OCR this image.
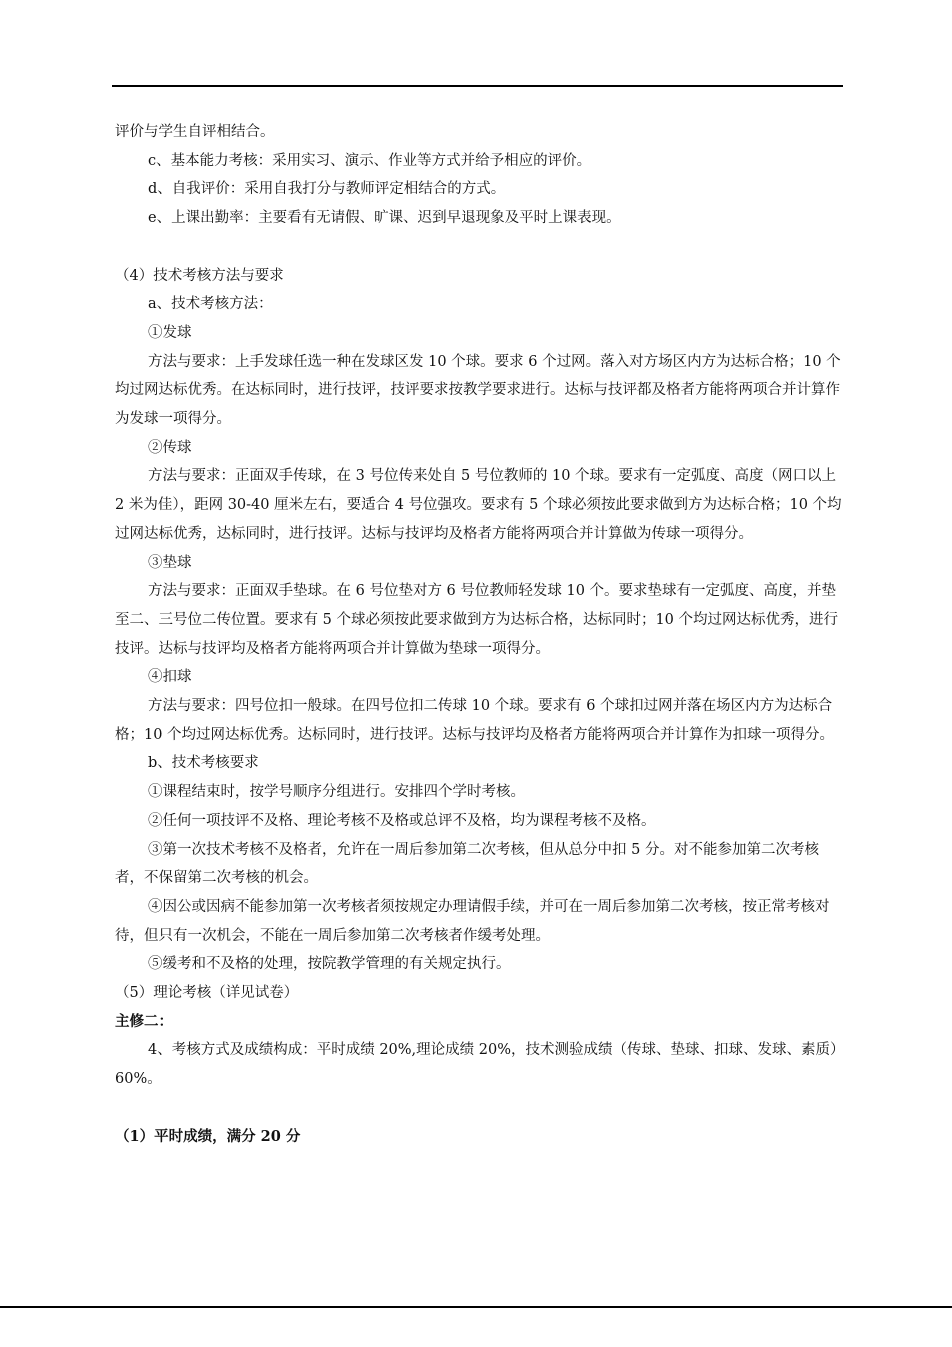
评价与学生自评相结合。

c、基本能力考核：采用实习、演示、作业等方式并给予相应的评价。

d、自我评价：采用自我打分与教师评定相结合的方式。

e、上课出勤率：主要看有无请假、旷课、迟到早退现象及平时上课表现。

（4）技术考核方法与要求

a、技术考核方法：

①发球

方法与要求：上手发球任选一种在发球区发 10 个球。要求 6 个过网。落入对方场区内方为达标合格；10 个均过网达标优秀。在达标同时，进行技评，技评要求按教学要求进行。达标与技评都及格者方能将两项合并计算作为发球一项得分。

②传球

方法与要求：正面双手传球，在 3 号位传来处自 5 号位教师的 10 个球。要求有一定弧度、高度（网口以上 2 米为佳），距网 30-40 厘米左右，要适合 4 号位强攻。要求有 5 个球必须按此要求做到方为达标合格；10 个均过网达标优秀，达标同时，进行技评。达标与技评均及格者方能将两项合并计算做为传球一项得分。

③垫球

方法与要求：正面双手垫球。在 6 号位垫对方 6 号位教师轻发球 10 个。要求垫球有一定弧度、高度，并垫至二、三号位二传位置。要求有 5 个球必须按此要求做到方为达标合格，达标同时；10 个均过网达标优秀，进行技评。达标与技评均及格者方能将两项合并计算做为垫球一项得分。

④扣球

方法与要求：四号位扣一般球。在四号位扣二传球 10 个球。要求有 6 个球扣过网并落在场区内方为达标合格；10 个均过网达标优秀。达标同时，进行技评。达标与技评均及格者方能将两项合并计算作为扣球一项得分。

b、技术考核要求

①课程结束时，按学号顺序分组进行。安排四个学时考核。

②任何一项技评不及格、理论考核不及格或总评不及格，均为课程考核不及格。

③第一次技术考核不及格者，允许在一周后参加第二次考核，但从总分中扣 5 分。对不能参加第二次考核者，不保留第二次考核的机会。

④因公或因病不能参加第一次考核者须按规定办理请假手续，并可在一周后参加第二次考核，按正常考核对待，但只有一次机会，不能在一周后参加第二次考核者作缓考处理。

⑤缓考和不及格的处理，按院教学管理的有关规定执行。

（5）理论考核（详见试卷）

主修二：

4、考核方式及成绩构成：平时成绩 20%,理论成绩 20%，技术测验成绩（传球、垫球、扣球、发球、素质）60%。

（1）平时成绩，满分 20 分
